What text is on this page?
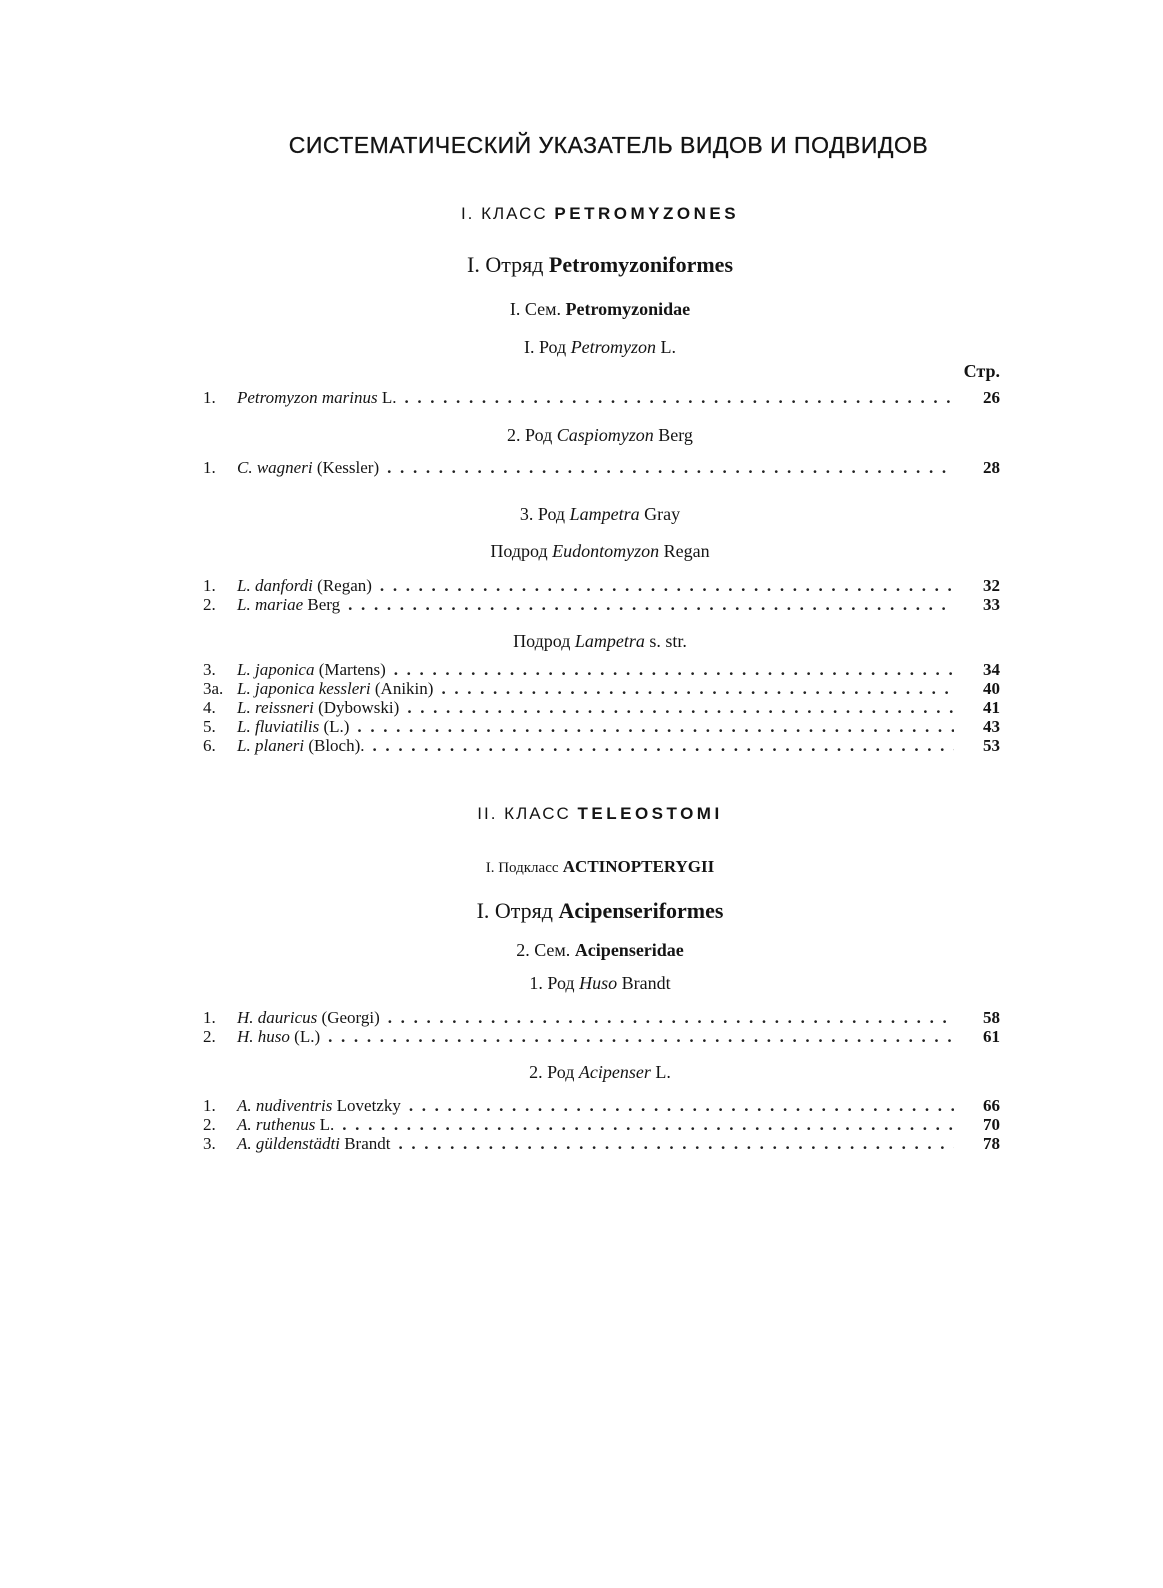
СИСТЕМАТИЧЕСКИЙ УКАЗАТЕЛЬ ВИДОВ И ПОДВИДОВ
I. КЛАСС PETROMYZONES
I. Отряд Petromyzoniformes
I. Сем. Petromyzonidae
I. Род Petromyzon L.
Стр.
1.	Petromyzon marinus L. . . .	26
2. Род Caspiomyzon Berg
1.	C. wagneri (Kessler) . . .	28
3. Род Lampetra Gray
Подрод Eudontomyzon Regan
1.	L. danfordi (Regan) . . .	32
2.	L. mariae Berg . . .	33
Подрод Lampetra s. str.
3.	L. japonica (Martens) . . .	34
3a. L. japonica kessleri (Anikin) . . .	40
4.	L. reissneri (Dybowski) . . .	41
5.	L. fluviatilis (L.) . . .	43
6.	L. planeri (Bloch). . . .	53
II. КЛАСС TELEOSTOMI
I. Подкласс ACTINOPTERYGII
I. Отряд Acipenseriformes
2. Сем. Acipenseridae
1. Род Huso Brandt
1.	H. dauricus (Georgi) . . .	58
2.	H. huso (L.) . . .	61
2. Род Acipenser L.
1.	A. nudiventris Lovetzky . . .	66
2.	A. ruthenus L. . . .	70
3.	A. güldenstädti Brandt . . .	78
